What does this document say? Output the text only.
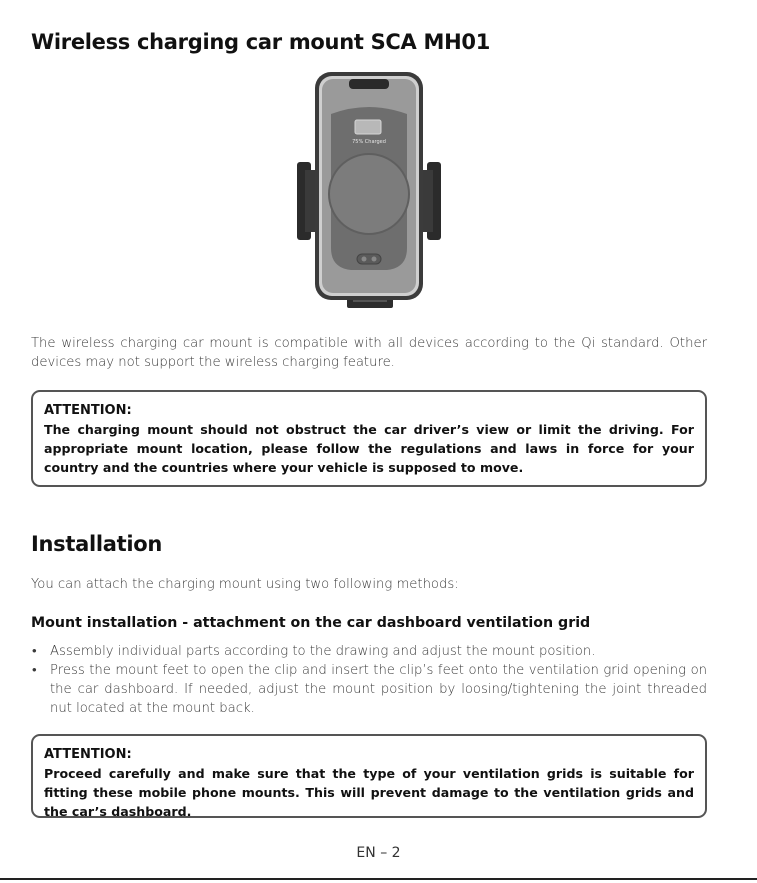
Wireless charging car mount SCA MH01
75% Charged

The wireless charging car mount is compatible with all devices according to the Qi standard. Other devices may not support the wireless charging feature.

ATTENTION:
The charging mount should not obstruct the car driver’s view or limit the driving. For appropriate mount location, please follow the regulations and laws in force for your country and the countries where your vehicle is supposed to move.
Installation

You can attach the charging mount using two following methods:

Mount installation - attachment on the car dashboard ventilation grid
• Assembly individual parts according to the drawing and adjust the mount position.
• Press the mount feet to open the clip and insert the clip’s feet onto the ventilation grid opening on the car dashboard. If needed, adjust the mount position by loosing/tightening the joint threaded nut located at the mount back.
ATTENTION:
Proceed carefully and make sure that the type of your ventilation grids is suitable for fitting these mobile phone mounts. This will prevent damage to the ventilation grids and the car’s dashboard.
EN – 2
